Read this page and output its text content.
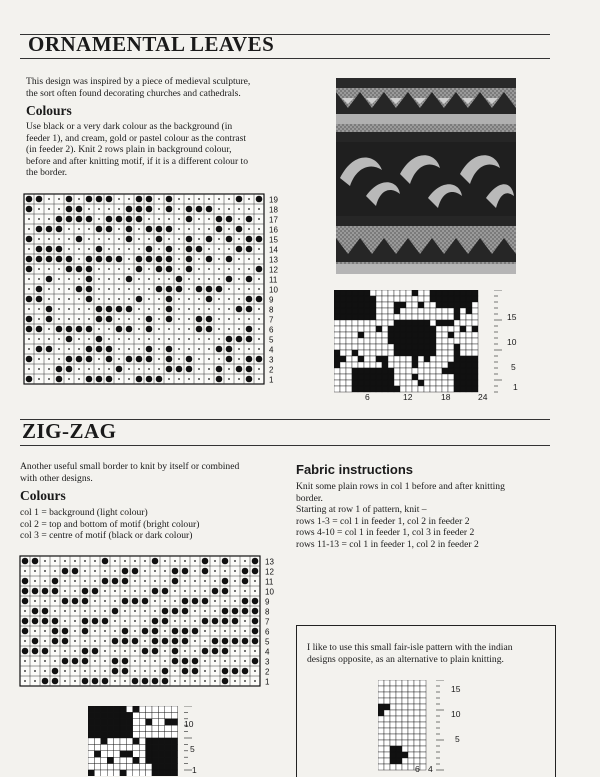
ORNAMENTAL LEAVES
This design was inspired by a piece of medieval sculpture,
the sort often found decorating churches and cathedrals.
Colours
Use black or a very dark colour as the background (in
feeder 1), and cream, gold or pastel colour as the contrast
(in feeder 2). Knit 2 rows plain in background colour,
before and after knitting motif, if it is a different colour to
the border.
19
18
17
16
15
14
13
12
11
10
9
8
7
6
5
4
3
2
1
6	12	18	24
15
10
5
1
ZIG-ZAG
Another useful small border to knit by itself or combined
with other designs.
Colours
col 1 = background (light colour)
col 2 = top and bottom of motif (bright colour)
col 3 = centre of motif (black or dark colour)
Fabric instructions
Knit some plain rows in col 1 before and after knitting
border.
Starting at row 1 of pattern, knit –
rows 1-3 = col 1 in feeder 1, col 2 in feeder 2
rows 4-10 = col 1 in feeder 1, col 3 in feeder 2
rows 11-13 = col 1 in feeder 1, col 2 in feeder 2
13
12
11
10
9
8
7
6
5
4
3
2
1
10
5
1
I like to use this small fair-isle pattern with the indian
designs opposite, as an alternative to plain knitting.
15
10
5
6 4
